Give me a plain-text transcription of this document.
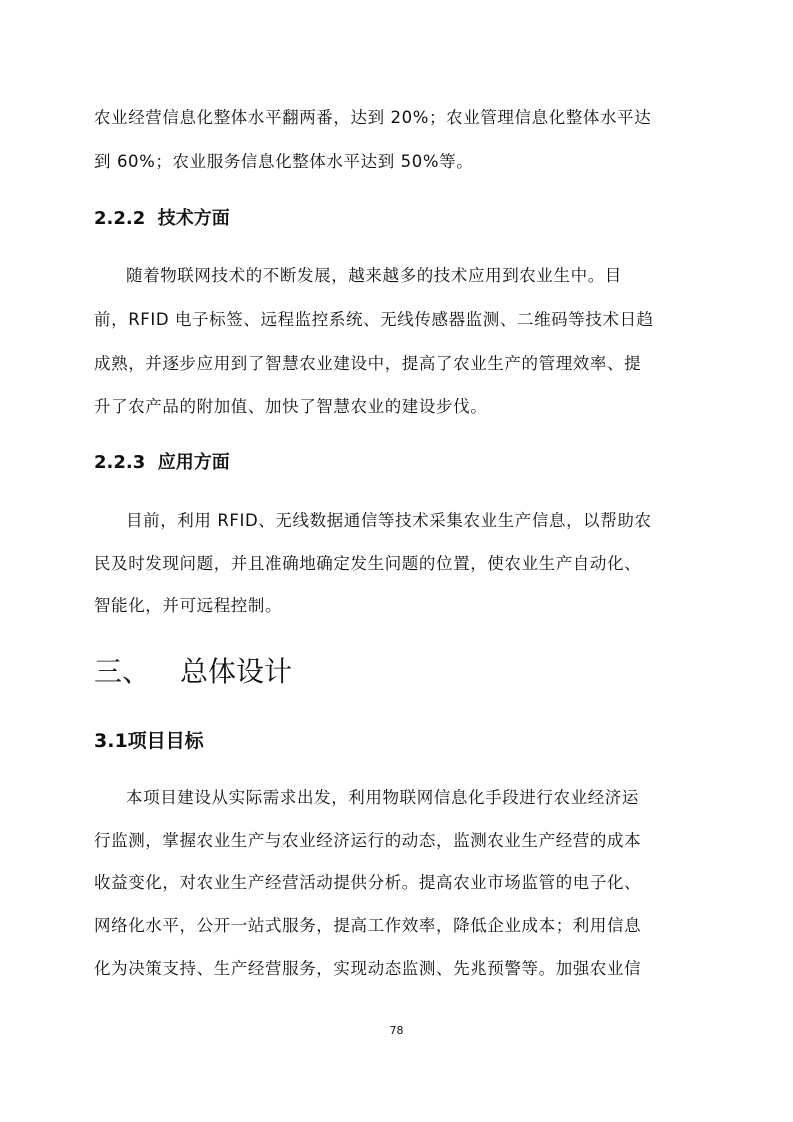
农业经营信息化整体水平翻两番，达到 20%；农业管理信息化整体水平达
到 60%；农业服务信息化整体水平达到 50%等。
2.2.2 技术方面
随着物联网技术的不断发展，越来越多的技术应用到农业生中。目
前，RFID 电子标签、远程监控系统、无线传感器监测、二维码等技术日趋
成熟，并逐步应用到了智慧农业建设中，提高了农业生产的管理效率、提
升了农产品的附加值、加快了智慧农业的建设步伐。
2.2.3 应用方面
目前，利用 RFID、无线数据通信等技术采集农业生产信息，以帮助农
民及时发现问题，并且准确地确定发生问题的位置，使农业生产自动化、
智能化，并可远程控制。
三、 总体设计
3.1项目目标
本项目建设从实际需求出发，利用物联网信息化手段进行农业经济运
行监测，掌握农业生产与农业经济运行的动态，监测农业生产经营的成本
收益变化，对农业生产经营活动提供分析。提高农业市场监管的电子化、
网络化水平，公开一站式服务，提高工作效率，降低企业成本；利用信息
化为决策支持、生产经营服务，实现动态监测、先兆预警等。加强农业信
78
